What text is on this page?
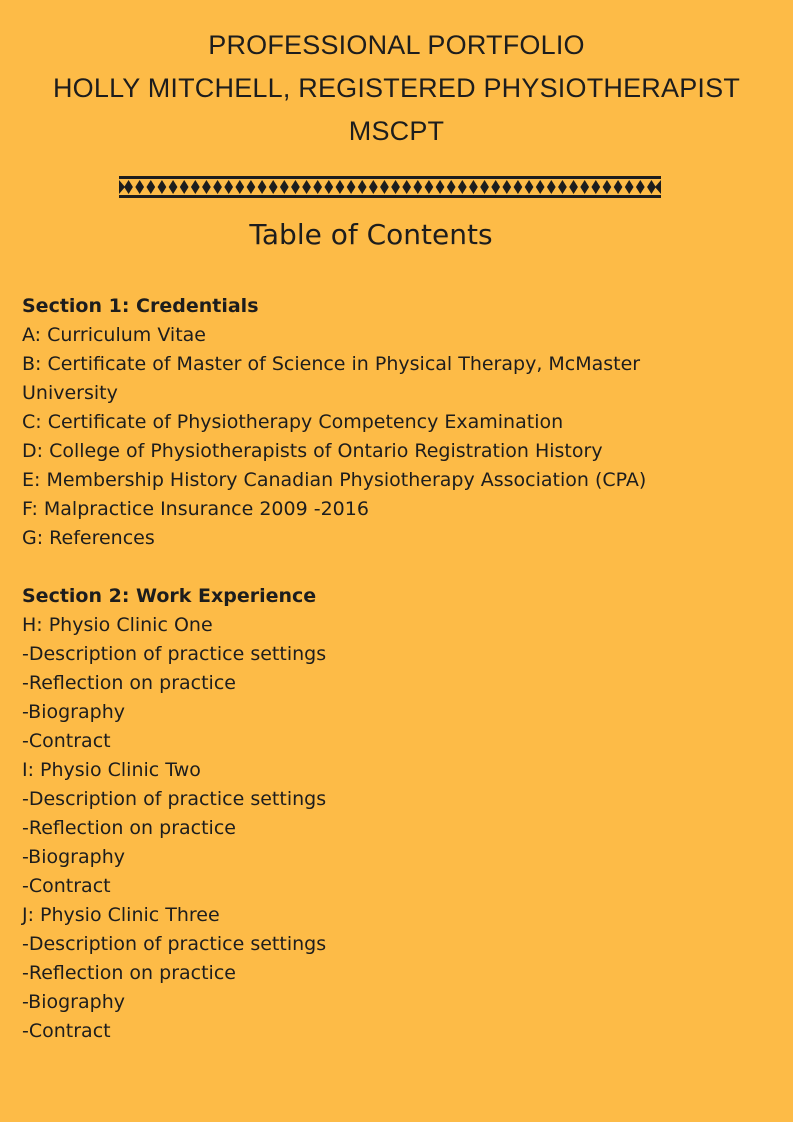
PROFESSIONAL PORTFOLIO
HOLLY MITCHELL, REGISTERED PHYSIOTHERAPIST
MSCPT
Table of Contents
Section 1: Credentials
A: Curriculum Vitae
B: Certificate of Master of Science in Physical Therapy, McMaster University
C: Certificate of Physiotherapy Competency Examination
D: College of Physiotherapists of Ontario Registration History
E: Membership History Canadian Physiotherapy Association (CPA)
F: Malpractice Insurance 2009 -2016
G: References
Section 2: Work Experience
H: Physio Clinic One
-Description of practice settings
-Reflection on practice
-Biography
-Contract
I: Physio Clinic Two
-Description of practice settings
-Reflection on practice
-Biography
-Contract
J: Physio Clinic Three
-Description of practice settings
-Reflection on practice
-Biography
-Contract
